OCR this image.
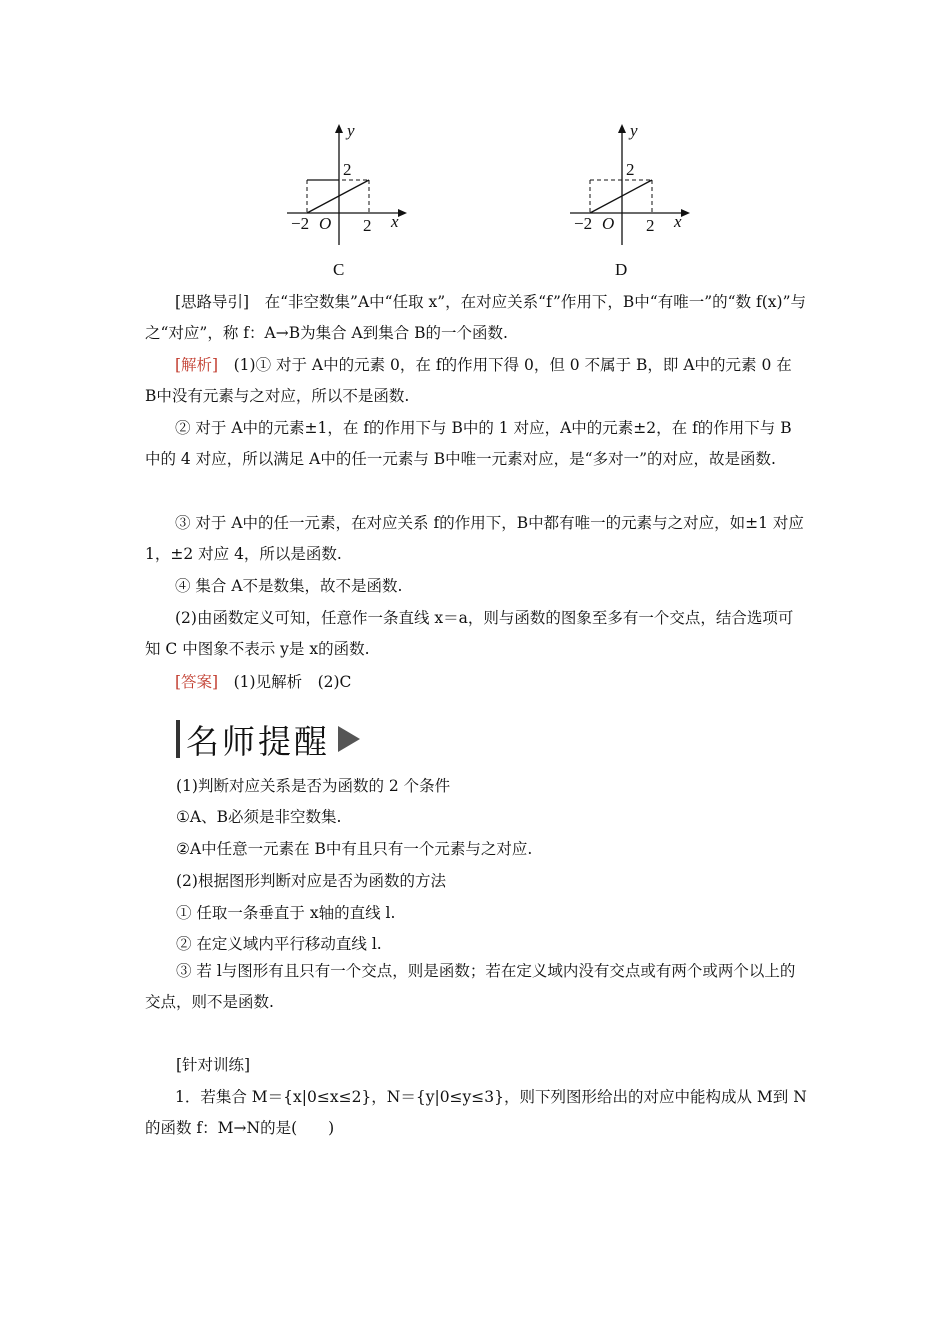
y
x
O
−2	2
2
C
y
x
O
−2	2
2
D
[思路导引]　 在“非空数集”A中“任取 x”，在对应关系“f”作用下，B中“有唯一”的“数 f(x)”与之“对应”，称 f：A→B为集合 A到集合 B的一个函数.
[解析]　 (1)① 对于 A中的元素 0，在 f的作用下得 0，但 0 不属于 B，即 A中的元素 0 在 B中没有元素与之对应，所以不是函数.
② 对于 A中的元素±1，在 f的作用下与 B中的 1 对应，A中的元素±2，在 f的作用下与 B中的 4 对应，所以满足 A中的任一元素与 B中唯一元素对应，是“多对一”的对应，故是函数.
③ 对于 A中的任一元素，在对应关系 f的作用下，B中都有唯一的元素与之对应，如±1 对应 1，±2 对应 4，所以是函数.
④ 集合 A不是数集，故不是函数.
(2)由函数定义可知，任意作一条直线 x＝a，则与函数的图象至多有一个交点，结合选项可知 C 中图象不表示 y是 x的函数.
[答案]　 (1)见解析　(2)C
名师提醒
(1)判断对应关系是否为函数的 2 个条件
①A、B必须是非空数集.
②A中任意一元素在 B中有且只有一个元素与之对应.
(2)根据图形判断对应是否为函数的方法
① 任取一条垂直于 x轴的直线 l.
② 在定义域内平行移动直线 l.
③ 若 l与图形有且只有一个交点，则是函数；若在定义域内没有交点或有两个或两个以上的交点，则不是函数.
[针对训练]
1．若集合 M＝{x|0≤x≤2}，N＝{y|0≤y≤3}，则下列图形给出的对应中能构成从 M到 N的函数 f：M→N的是(　　)
